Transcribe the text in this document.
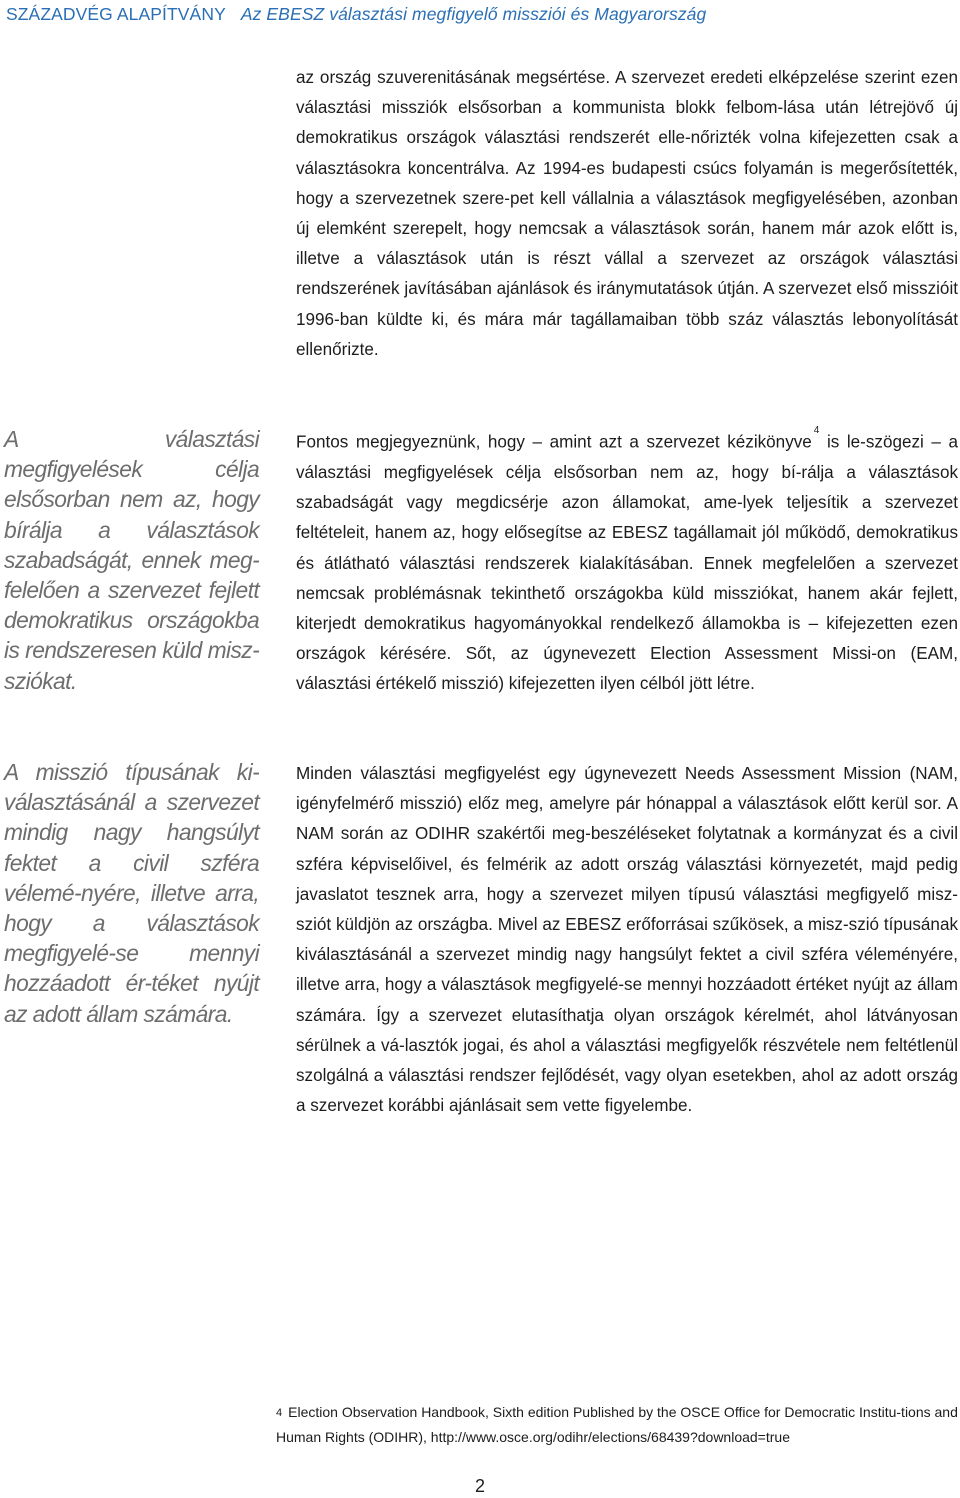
SZÁZADVÉG ALAPÍTVÁNY Az EBESZ választási megfigyelő missziói és Magyarország

A választási megfigyelések célja elsősorban nem az, hogy bírálja a választások szabadságát, ennek meg-felelően a szervezet fejlett demokratikus országokba is rendszeresen küld misz-sziókat.

A misszió típusának ki-választásánál a szervezet mindig nagy hangsúlyt fektet a civil szféra vélemé-nyére, illetve arra, hogy a választások megfigyelé-se mennyi hozzáadott ér-téket nyújt az adott állam számára.

az ország szuverenitásának megsértése. A szervezet eredeti elképzelése szerint ezen választási missziók elsősorban a kommunista blokk felbom-lása után létrejövő új demokratikus országok választási rendszerét elle-nőrizték volna kifejezetten csak a választásokra koncentrálva. Az 1994-es budapesti csúcs folyamán is megerősítették, hogy a szervezetnek szere-pet kell vállalnia a választások megfigyelésében, azonban új elemként szerepelt, hogy nemcsak a választások során, hanem már azok előtt is, illetve a választások után is részt vállal a szervezet az országok választási rendszerének javításában ajánlások és iránymutatások útján. A szervezet első misszióit 1996-ban küldte ki, és mára már tagállamaiban több száz választás lebonyolítását ellenőrizte.

Fontos megjegyeznünk, hogy – amint azt a szervezet kézikönyve$^4$ is le-szögezi – a választási megfigyelések célja elsősorban nem az, hogy bí-rálja a választások szabadságát vagy megdicsérje azon államokat, ame-lyek teljesítik a szervezet feltételeit, hanem az, hogy elősegítse az EBESZ tagállamait jól működő, demokratikus és átlátható választási rendszerek kialakításában. Ennek megfelelően a szervezet nemcsak problémásnak tekinthető országokba küld missziókat, hanem akár fejlett, kiterjedt demokratikus hagyományokkal rendelkező államokba is – kifejezetten ezen országok kérésére. Sőt, az úgynevezett Election Assessment Missi-on (EAM, választási értékelő misszió) kifejezetten ilyen célból jött létre.

Minden választási megfigyelést egy úgynevezett Needs Assessment Mission (NAM, igényfelmérő misszió) előz meg, amelyre pár hónappal a választások előtt kerül sor. A NAM során az ODIHR szakértői meg-beszéléseket folytatnak a kormányzat és a civil szféra képviselőivel, és felmérik az adott ország választási környezetét, majd pedig javaslatot tesznek arra, hogy a szervezet milyen típusú választási megfigyelő misz-sziót küldjön az országba. Mivel az EBESZ erőforrásai szűkösek, a misz-szió típusának kiválasztásánál a szervezet mindig nagy hangsúlyt fektet a civil szféra véleményére, illetve arra, hogy a választások megfigyelé-se mennyi hozzáadott értéket nyújt az állam számára. Így a szervezet elutasíthatja olyan országok kérelmét, ahol látványosan sérülnek a vá-lasztók jogai, és ahol a választási megfigyelők részvétele nem feltétlenül szolgálná a választási rendszer fejlődését, vagy olyan esetekben, ahol az adott ország a szervezet korábbi ajánlásait sem vette figyelembe.

4 Election Observation Handbook, Sixth edition Published by the OSCE Office for Democratic Institu-tions and Human Rights (ODIHR), http://www.osce.org/odihr/elections/68439?download=true

2
